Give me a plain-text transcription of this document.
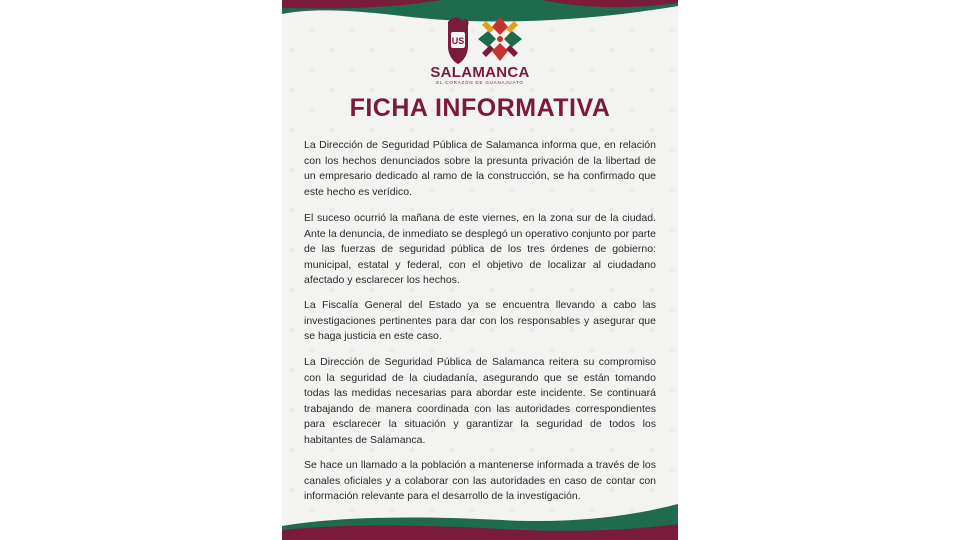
US
SALAMANCA
EL CORAZÓN DE GUANAJUATO
FICHA INFORMATIVA

La Dirección de Seguridad Pública de Salamanca informa que, en relación con los hechos denunciados sobre la presunta privación de la libertad de un empresario dedicado al ramo de la construcción, se ha confirmado que este hecho es verídico.

El suceso ocurrió la mañana de este viernes, en la zona sur de la ciudad. Ante la denuncia, de inmediato se desplegó un operativo conjunto por parte de las fuerzas de seguridad pública de los tres órdenes de gobierno: municipal, estatal y federal, con el objetivo de localizar al ciudadano afectado y esclarecer los hechos.

La Fiscalía General del Estado ya se encuentra llevando a cabo las investigaciones pertinentes para dar con los responsables y asegurar que se haga justicia en este caso.

La Dirección de Seguridad Pública de Salamanca reitera su compromiso con la seguridad de la ciudadanía, asegurando que se están tomando todas las medidas necesarias para abordar este incidente. Se continuará trabajando de manera coordinada con las autoridades correspondientes para esclarecer la situación y garantizar la seguridad de todos los habitantes de Salamanca.

Se hace un llamado a la población a mantenerse informada a través de los canales oficiales y a colaborar con las autoridades en caso de contar con información relevante para el desarrollo de la investigación.
